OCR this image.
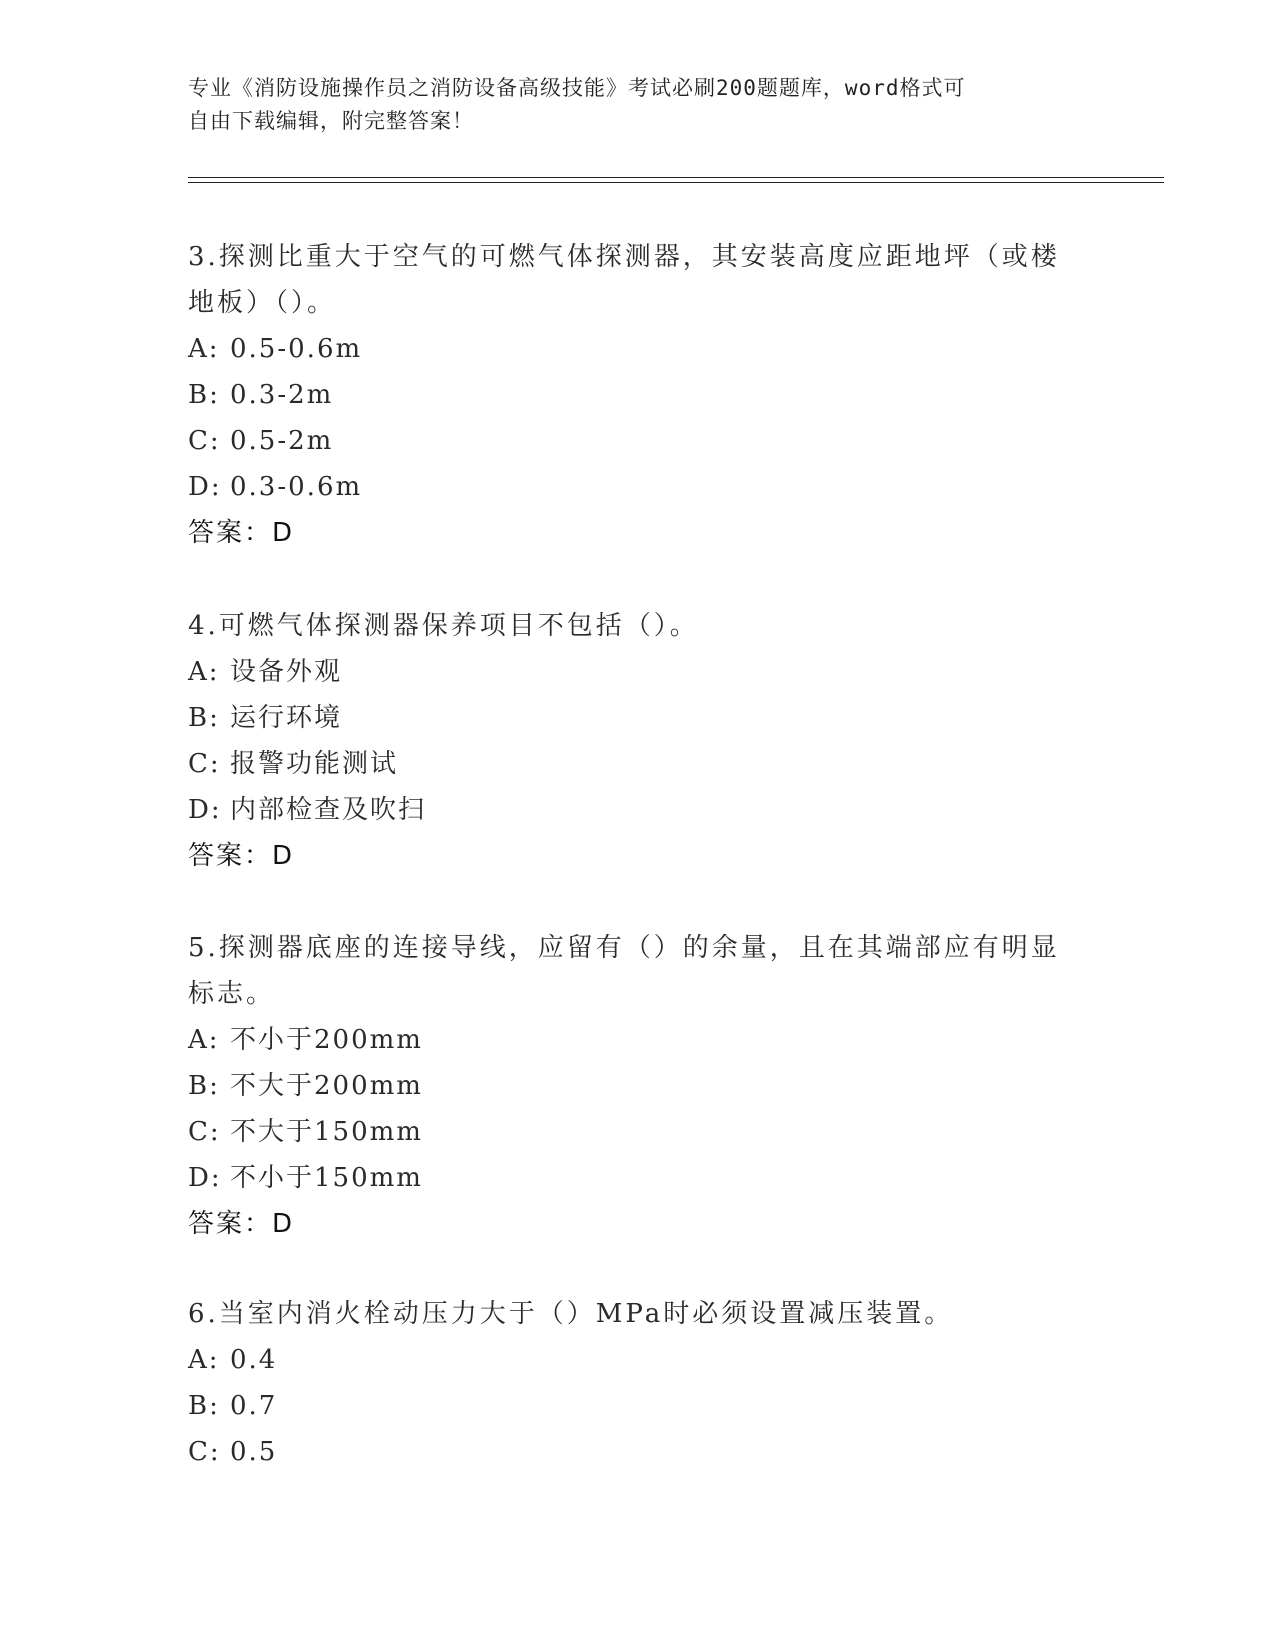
专业《消防设施操作员之消防设备高级技能》考试必刷200题题库，word格式可
自由下载编辑，附完整答案！
3.探测比重大于空气的可燃气体探测器，其安装高度应距地坪（或楼
地板）（）。
A: 0.5-0.6m
B: 0.3-2m
C: 0.5-2m
D: 0.3-0.6m
答案：D
4.可燃气体探测器保养项目不包括（）。
A: 设备外观
B: 运行环境
C: 报警功能测试
D: 内部检查及吹扫
答案：D
5.探测器底座的连接导线，应留有（）的余量，且在其端部应有明显
标志。
A: 不小于200mm
B: 不大于200mm
C: 不大于150mm
D: 不小于150mm
答案：D
6.当室内消火栓动压力大于（）MPa时必须设置减压装置。
A: 0.4
B: 0.7
C: 0.5
